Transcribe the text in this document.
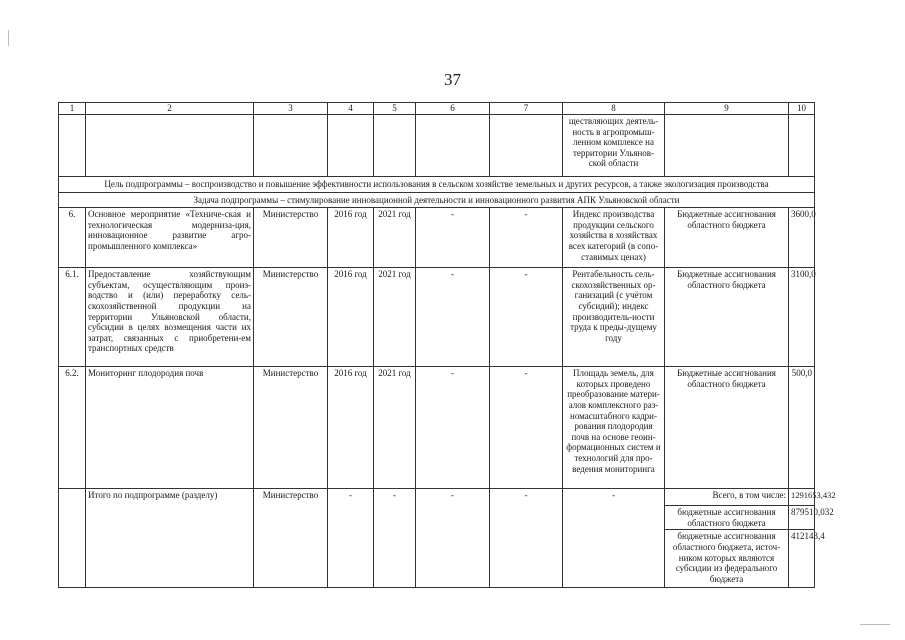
37
1	2	3	4	5	6	7	8	9	10
							ществляющих деятель-ность в агропромыш-ленном комплексе на территории Ульянов-ской области		
Цель подпрограммы – воспроизводство и повышение эффективности использования в сельском хозяйстве земельных и других ресурсов, а также экологизация производства									
Задача подпрограммы – стимулирование инновационной деятельности и инновационного развития АПК Ульяновской области									
6.	Основное мероприятие «Техниче-ская и технологическая модерниза-ция, инновационное развитие агро-промышленного комплекса»	Министерство	2016 год	2021 год	-	-	Индекс производства продукции сельского хозяйства в хозяйствах всех категорий (в сопо-ставимых ценах)	Бюджетные ассигнования областного бюджета	3600,0
6.1.	Предоставление хозяйствующим субъектам, осуществляющим произ-водство и (или) переработку сель-скохозяйственной продукции на территории Ульяновской области, субсидии в целях возмещения части их затрат, связанных с приобретени-ем транспортных средств	Министерство	2016 год	2021 год	-	-	Рентабельность сель-скохозяйственных ор-ганизаций (с учётом субсидий); индекс производитель-ности труда к преды-дущему году	Бюджетные ассигнования областного бюджета	3100,0
6.2.	Мониторинг плодородия почв	Министерство	2016 год	2021 год	-	-	Площадь земель, для которых проведено преобразование матери-алов комплексного раз-номасштабного кадри-рования плодородия почв на основе геоин-формационных систем и технологий для про-ведения мониторинга	Бюджетные ассигнования областного бюджета	500,0
	Итого по подпрограмме (разделу)	Министерство	-	-	-	-	-	Всего, в том числе:	1291653,432
								бюджетные ассигнования областного бюджета	879510,032
								бюджетные ассигнования областного бюджета, источ-ником которых являются субсидии из федерального бюджета	412143,4
